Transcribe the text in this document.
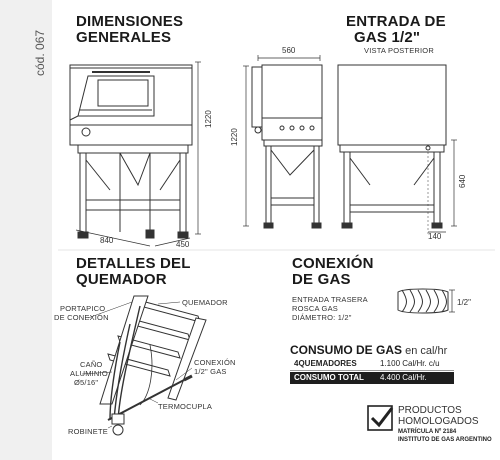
cód. 067
DIMENSIONES
GENERALES
ENTRADA DE
GAS 1/2"
VISTA POSTERIOR
DETALLES DEL
QUEMADOR
CONEXIÓN
DE GAS
1220
840	450
560
1220
640
140
PORTAPICO
DE CONEXIÓN
QUEMADOR
CAÑO
ALUMINIO
Ø5/16"
CONEXIÓN
1/2" GAS
TERMOCUPLA
ROBINETE
ENTRADA TRASERA
ROSCA GAS
DIÁMETRO: 1/2"
1/2"
CONSUMO DE GAS en cal/hr
4QUEMADORES	1.100 Cal/Hr. c/u
CONSUMO TOTAL 4.400 Cal/Hr.
PRODUCTOS
HOMOLOGADOS
MATRÍCULA Nº 2184
INSTITUTO DE GAS ARGENTINO
